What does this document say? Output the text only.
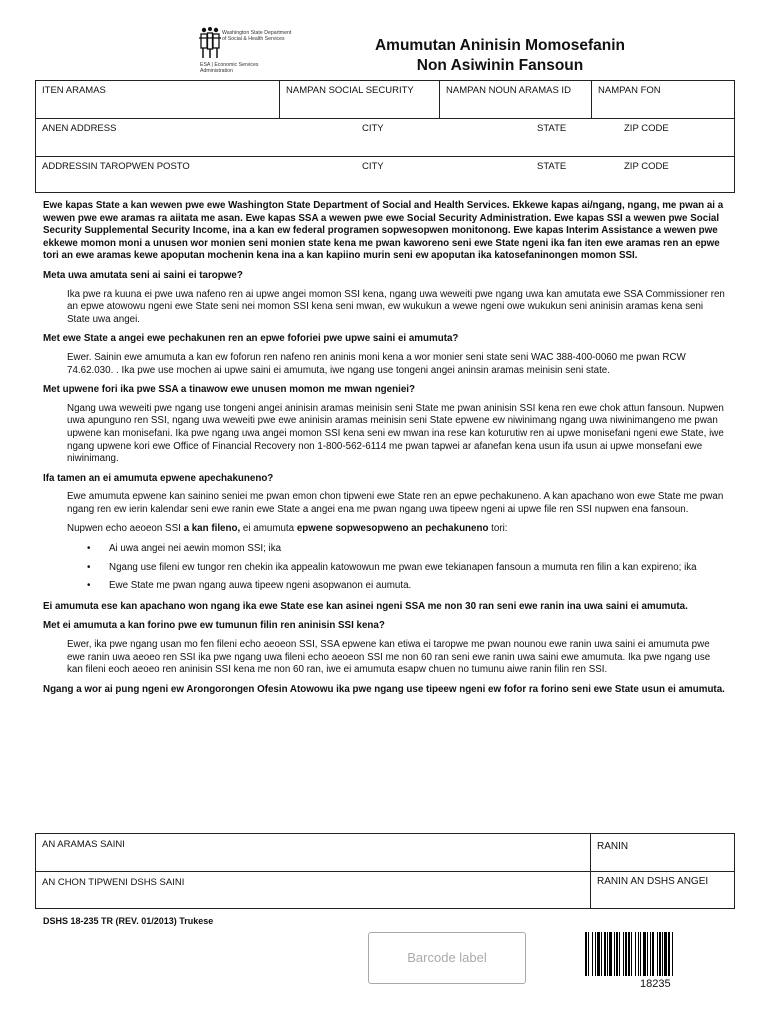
Washington State Department of Social & Health Services
ESA | Economic Services Administration
Amumutan Aninisin Momosefanin
Non Asiwinin Fansoun
ITEN ARAMAS	NAMPAN SOCIAL SECURITY	NAMPAN NOUN ARAMAS ID	NAMPAN FON
ANEN ADDRESS	CITY	STATE	ZIP CODE
ADDRESSIN TAROPWEN POSTO	CITY	STATE	ZIP CODE

Ewe kapas State a kan wewen pwe ewe Washington State Department of Social and Health Services. Ekkewe kapas ai/ngang, ngang, me pwan ai a wewen pwe ewe aramas ra aiitata me asan. Ewe kapas SSA a wewen pwe ewe Social Security Administration. Ewe kapas SSI a wewen pwe Social Security Supplemental Security Income, ina a kan ew federal programen sopwesopwen monitonong. Ewe kapas Interim Assistance a wewen pwe ekkewe momon moni a unusen wor monien seni monien state kena me pwan kaworeno seni ewe State ngeni ika fan iten ewe aramas ren an epwe tori an ewe aramas kewe apoputan mochenin kena ina a kan kapiino murin seni ew apoputan ika katosefaninongen momon SSI.

Meta uwa amutata seni ai saini ei taropwe?

Ika pwe ra kuuna ei pwe uwa nafeno ren ai upwe angei momon SSI kena, ngang uwa weweiti pwe ngang uwa kan amutata ewe SSA Commissioner ren an epwe atowowu ngeni ewe State seni nei momon SSI kena seni mwan, ew wukukun a wewe ngeni owe wukukun seni aninisin aramas kena seni State uwa angei.

Met ewe State a angei ewe pechakunen ren an epwe foforiei pwe upwe saini ei amumuta?

Ewer. Sainin ewe amumuta a kan ew foforun ren nafeno ren aninis moni kena a wor monier seni state seni WAC 388-400-0060 me pwan RCW 74.62.030. . Ika pwe use mochen ai upwe saini ei amumuta, iwe ngang use tongeni angei aninsin aramas meinisin seni state.

Met upwene fori ika pwe SSA a tinawow ewe unusen momon me mwan ngeniei?

Ngang uwa weweiti pwe ngang use tongeni angei aninisin aramas meinisin seni State me pwan aninisin SSI kena ren ewe chok attun fansoun. Nupwen uwa apunguno ren SSI, ngang uwa weweiti pwe ewe aninisin aramas meinisin seni State epwene ew niwinimang ngang uwa niwinimangeno me pwan upwene kan monisefani. Ika pwe ngang uwa angei momon SSI kena seni ew mwan ina rese kan koturutiw ren ai upwe monisefani ngeni ewe State, iwe ngang upwene kori ewe Office of Financial Recovery non 1-800-562-6114 me pwan tapwei ar afanefan kena usun ifa usun ai upwe monsefani ewe niwinimang.

Ifa tamen an ei amumuta epwene apechakuneno?

Ewe amumuta epwene kan sainino seniei me pwan emon chon tipweni ewe State ren an epwe pechakuneno. A kan apachano won ewe State me pwan ngang ren ew ierin kalendar seni ewe ranin ewe State a angei ena me pwan ngang uwa tipeew ngeni ai upwe file ren SSI nupwen ena fansoun.

Nupwen echo aeoeon SSI a kan fileno, ei amumuta epwene sopwesopweno an pechakuneno tori:

• Ai uwa angei nei aewin momon SSI; ika
• Ngang use fileni ew tungor ren chekin ika appealin katowowun me pwan ewe tekianapen fansoun a mumuta ren filin a kan expireno; ika
• Ewe State me pwan ngang auwa tipeew ngeni asopwanon ei aumuta.

Ei amumuta ese kan apachano won ngang ika ewe State ese kan asinei ngeni SSA me non 30 ran seni ewe ranin ina uwa saini ei amumuta.

Met ei amumuta a kan forino pwe ew tumunun filin ren aninisin SSI kena?

Ewer, ika pwe ngang usan mo fen fileni echo aeoeon SSI, SSA epwene kan etiwa ei taropwe me pwan nounou ewe ranin uwa saini ei amumuta pwe ewe ranin uwa aeoeo ren SSI ika pwe ngang uwa fileni echo aeoeon SSI me non 60 ran seni ewe ranin uwa saini ewe amumuta. Ika pwe ngang use kan fileni eoch aeoeo ren aninisin SSI kena me non 60 ran, iwe ei amumuta esapw chuen no tumunu aiwe ranin filin ren SSI.

Ngang a wor ai pung ngeni ew Arongorongen Ofesin Atowowu ika pwe ngang use tipeew ngeni ew fofor ra forino seni ewe State usun ei amumuta.

AN ARAMAS SAINI	RANIN
AN CHON TIPWENI DSHS SAINI	RANIN AN DSHS ANGEI
DSHS 18-235 TR (REV. 01/2013) Trukese
Barcode label
18235
